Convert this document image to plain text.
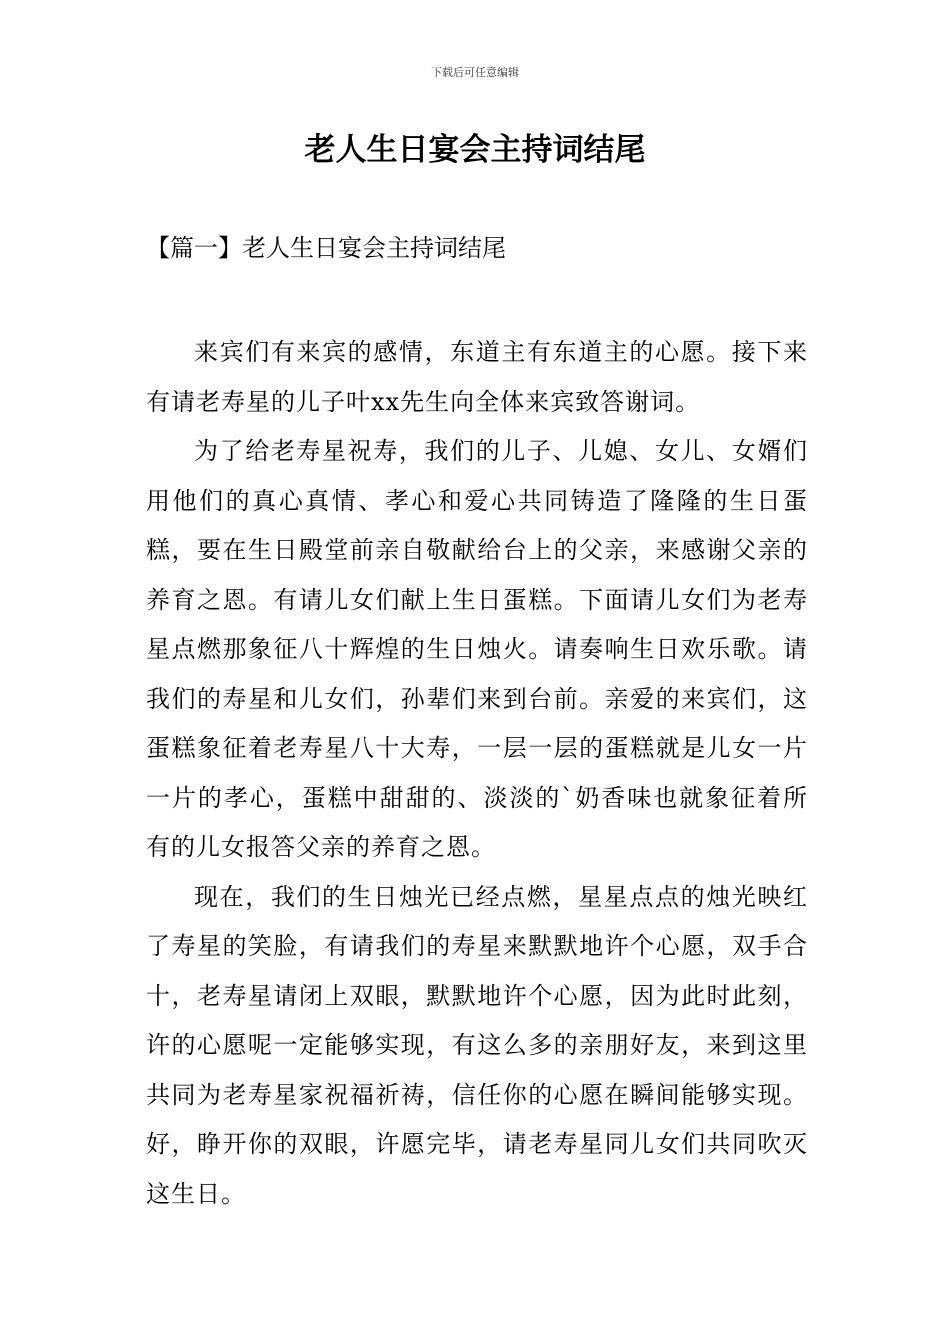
下载后可任意编辑
老人生日宴会主持词结尾
【篇一】老人生日宴会主持词结尾

来宾们有来宾的感情，东道主有东道主的心愿。接下来有请老寿星的儿子叶xx先生向全体来宾致答谢词。

为了给老寿星祝寿，我们的儿子、儿媳、女儿、女婿们用他们的真心真情、孝心和爱心共同铸造了隆隆的生日蛋糕，要在生日殿堂前亲自敬献给台上的父亲，来感谢父亲的养育之恩。有请儿女们献上生日蛋糕。下面请儿女们为老寿星点燃那象征八十辉煌的生日烛火。请奏响生日欢乐歌。请我们的寿星和儿女们，孙辈们来到台前。亲爱的来宾们，这蛋糕象征着老寿星八十大寿，一层一层的蛋糕就是儿女一片一片的孝心，蛋糕中甜甜的、淡淡的`奶香味也就象征着所有的儿女报答父亲的养育之恩。

现在，我们的生日烛光已经点燃，星星点点的烛光映红了寿星的笑脸，有请我们的寿星来默默地许个心愿，双手合十，老寿星请闭上双眼，默默地许个心愿，因为此时此刻，许的心愿呢一定能够实现，有这么多的亲朋好友，来到这里共同为老寿星家祝福祈祷，信任你的心愿在瞬间能够实现。好，睁开你的双眼，许愿完毕，请老寿星同儿女们共同吹灭这生日。
